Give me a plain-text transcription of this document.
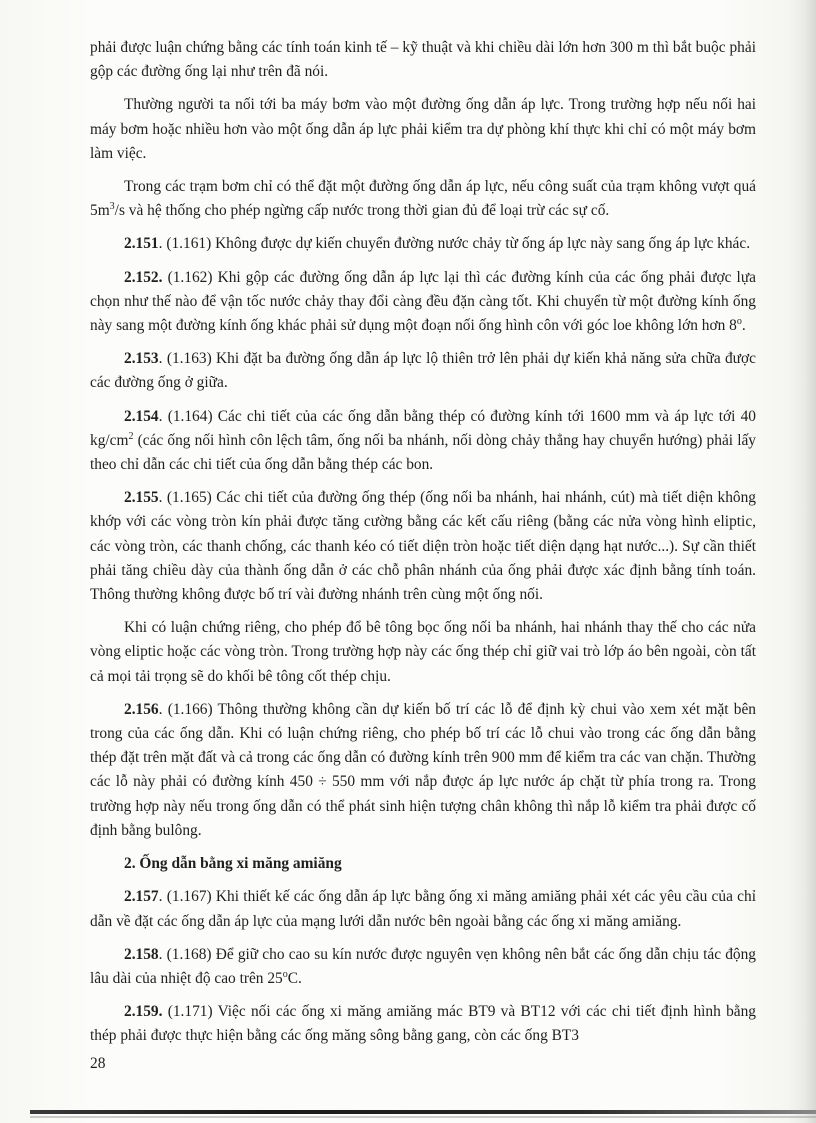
phải được luận chứng bằng các tính toán kinh tế – kỹ thuật và khi chiều dài lớn hơn 300 m thì bắt buộc phải gộp các đường ống lại như trên đã nói.

Thường người ta nối tới ba máy bơm vào một đường ống dẫn áp lực. Trong trường hợp nếu nối hai máy bơm hoặc nhiều hơn vào một ống dẫn áp lực phải kiểm tra dự phòng khí thực khi chỉ có một máy bơm làm việc.

Trong các trạm bơm chỉ có thể đặt một đường ống dẫn áp lực, nếu công suất của trạm không vượt quá $5m^3/s$ và hệ thống cho phép ngừng cấp nước trong thời gian đủ để loại trừ các sự cố.

2.151. (1.161) Không được dự kiến chuyển đường nước chảy từ ống áp lực này sang ống áp lực khác.

2.152. (1.162) Khi gộp các đường ống dẫn áp lực lại thì các đường kính của các ống phải được lựa chọn như thế nào để vận tốc nước chảy thay đổi càng đều đặn càng tốt. Khi chuyển từ một đường kính ống này sang một đường kính ống khác phải sử dụng một đoạn nối ống hình côn với góc loe không lớn hơn 8$^o$.

2.153. (1.163) Khi đặt ba đường ống dẫn áp lực lộ thiên trở lên phải dự kiến khả năng sửa chữa được các đường ống ở giữa.

2.154. (1.164) Các chi tiết của các ống dẫn bằng thép có đường kính tới 1600 mm và áp lực tới 40 $kg/cm^2$ (các ống nối hình côn lệch tâm, ống nối ba nhánh, nối dòng chảy thẳng hay chuyển hướng) phải lấy theo chỉ dẫn các chi tiết của ống dẫn bằng thép các bon.

2.155. (1.165) Các chi tiết của đường ống thép (ống nối ba nhánh, hai nhánh, cút) mà tiết diện không khớp với các vòng tròn kín phải được tăng cường bằng các kết cấu riêng (bằng các nửa vòng hình eliptic, các vòng tròn, các thanh chống, các thanh kéo có tiết diện tròn hoặc tiết diện dạng hạt nước...). Sự cần thiết phải tăng chiều dày của thành ống dẫn ở các chỗ phân nhánh của ống phải được xác định bằng tính toán. Thông thường không được bố trí vài đường nhánh trên cùng một ống nối.

Khi có luận chứng riêng, cho phép đổ bê tông bọc ống nối ba nhánh, hai nhánh thay thế cho các nửa vòng eliptic hoặc các vòng tròn. Trong trường hợp này các ống thép chỉ giữ vai trò lớp áo bên ngoài, còn tất cả mọi tải trọng sẽ do khối bê tông cốt thép chịu.

2.156. (1.166) Thông thường không cần dự kiến bố trí các lỗ để định kỳ chui vào xem xét mặt bên trong của các ống dẫn. Khi có luận chứng riêng, cho phép bố trí các lỗ chui vào trong các ống dẫn bằng thép đặt trên mặt đất và cả trong các ống dẫn có đường kính trên 900 mm để kiểm tra các van chặn. Thường các lỗ này phải có đường kính 450 ÷ 550 mm với nắp được áp lực nước áp chặt từ phía trong ra. Trong trường hợp này nếu trong ống dẫn có thể phát sinh hiện tượng chân không thì nắp lỗ kiểm tra phải được cố định bằng bulông.

2. Ống dẫn bằng xi măng amiăng

2.157. (1.167) Khi thiết kế các ống dẫn áp lực bằng ống xi măng amiăng phải xét các yêu cầu của chỉ dẫn về đặt các ống dẫn áp lực của mạng lưới dẫn nước bên ngoài bằng các ống xi măng amiăng.

2.158. (1.168) Để giữ cho cao su kín nước được nguyên vẹn không nên bắt các ống dẫn chịu tác động lâu dài của nhiệt độ cao trên 25$^o$C.

2.159. (1.171) Việc nối các ống xi măng amiăng mác BT9 và BT12 với các chi tiết định hình bằng thép phải được thực hiện bằng các ống măng sông bằng gang, còn các ống BT3

28
